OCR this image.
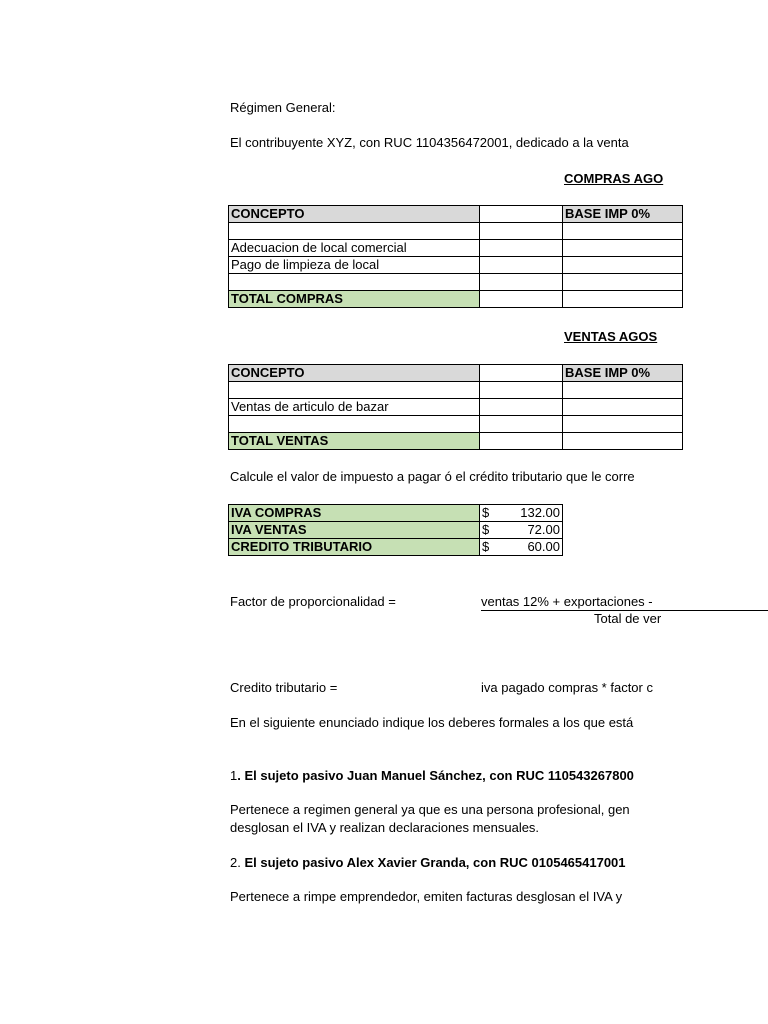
Régimen General:
El contribuyente XYZ, con RUC 1104356472001, dedicado a la venta
COMPRAS AGO
CONCEPTO		BASE IMP 0%

Adecuacion de local comercial		
Pago de limpieza de local		

TOTAL COMPRAS		
VENTAS AGOS
CONCEPTO		BASE IMP 0%

Ventas de articulo de bazar		

TOTAL VENTAS		
Calcule el valor de impuesto a pagar ó el crédito tributario que le corre
IVA COMPRAS	$ 132.00

IVA VENTAS	$ 72.00

CREDITO TRIBUTARIO	$ 60.00
Factor de proporcionalidad =	ventas 12% + exportaciones -
Total de ver
Credito tributario =	iva pagado compras * factor c
En el siguiente enunciado indique los deberes formales a los que está
1. El sujeto pasivo Juan Manuel Sánchez, con RUC 110543267800
Pertenece a regimen general ya que es una persona profesional, gen
desglosan el IVA y realizan declaraciones mensuales.
2. El sujeto pasivo Alex Xavier Granda, con RUC 0105465417001
Pertenece a rimpe emprendedor, emiten facturas desglosan el IVA y
